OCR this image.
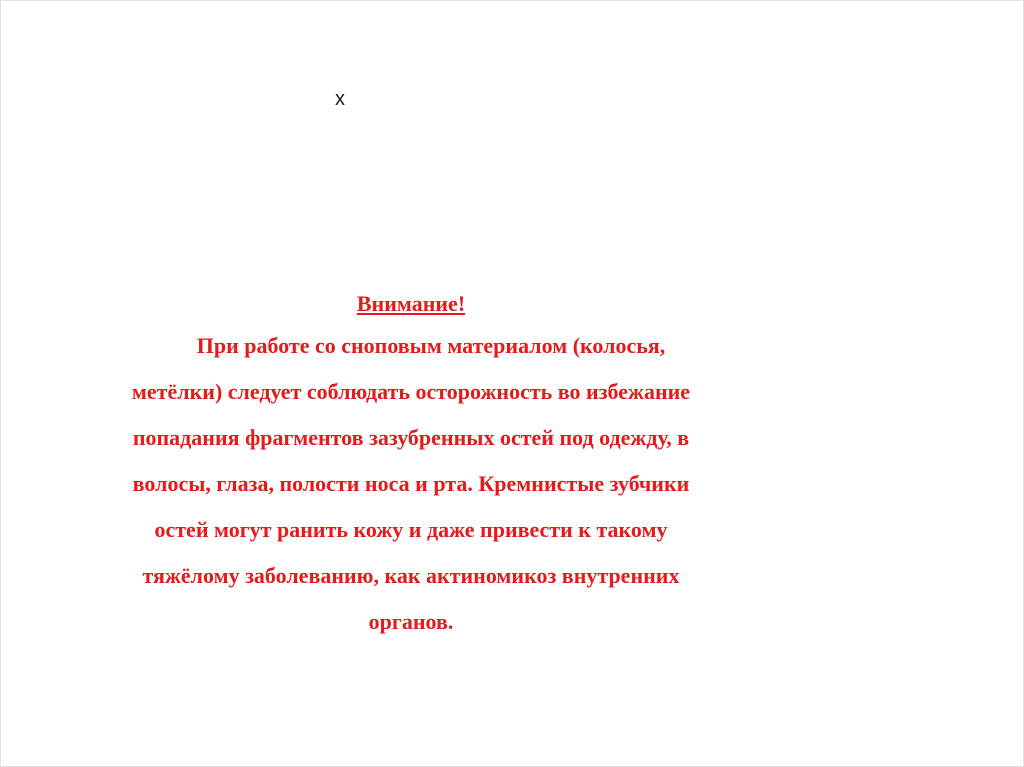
x
Внимание!
При работе со сноповым материалом (колосья,
метёлки) следует соблюдать осторожность во избежание
попадания фрагментов зазубренных остей под одежду, в
волосы, глаза, полости носа и рта. Кремнистые зубчики
остей могут ранить кожу и даже привести к такому
тяжёлому заболеванию, как актиномикоз внутренних
органов.
